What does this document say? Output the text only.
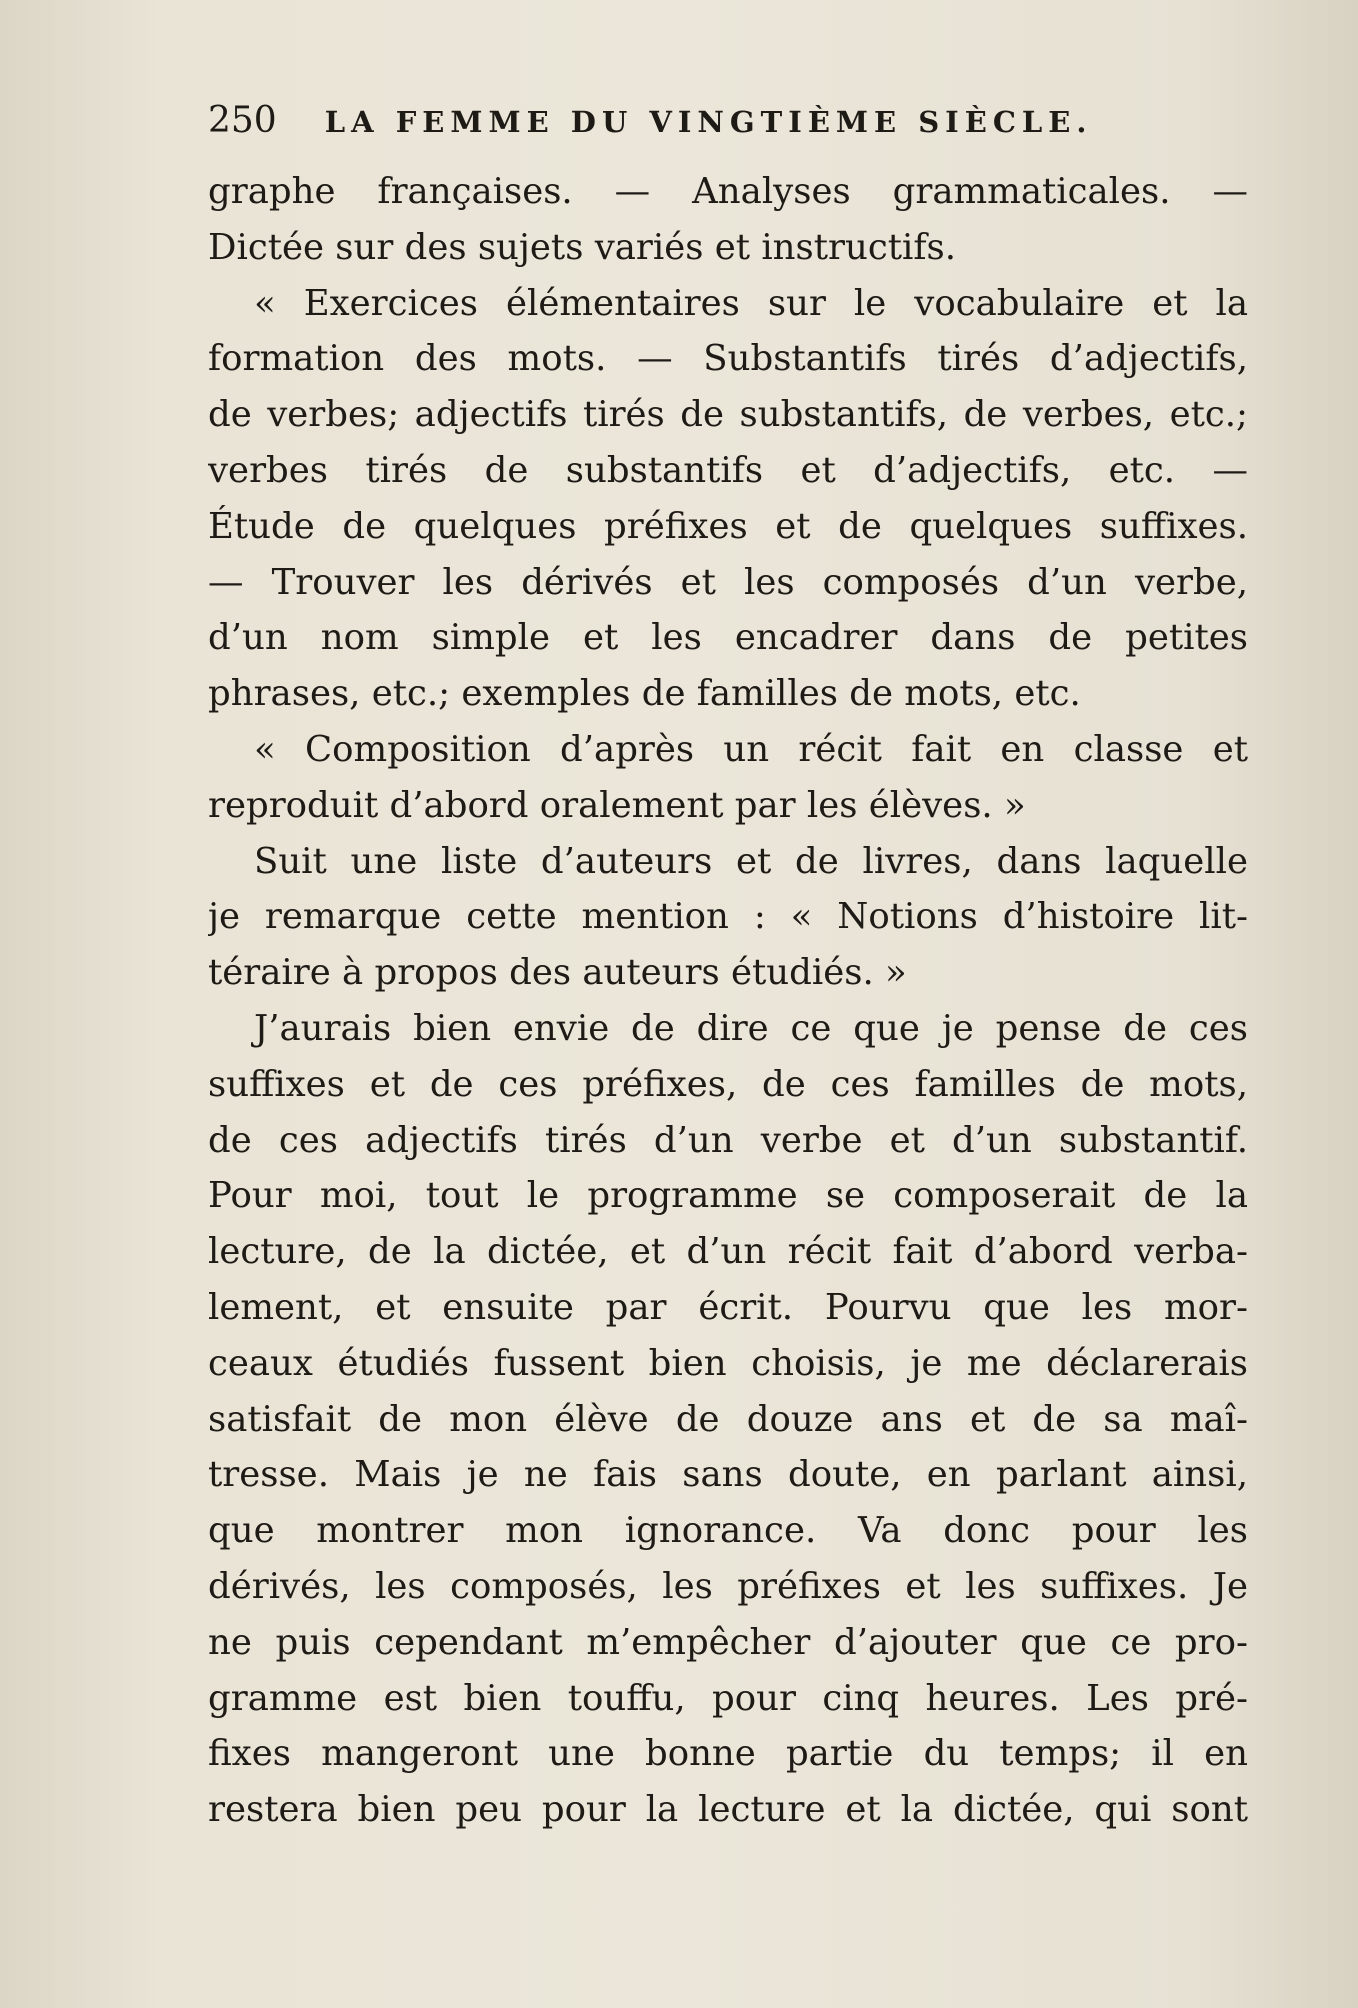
250 LA FEMME DU VINGTIÈME SIÈCLE.
graphe françaises. — Analyses grammaticales. —
Dictée sur des sujets variés et instructifs.
« Exercices élémentaires sur le vocabulaire et la
formation des mots. — Substantifs tirés d’adjectifs,
de verbes; adjectifs tirés de substantifs, de verbes, etc.;
verbes tirés de substantifs et d’adjectifs, etc. —
Étude de quelques préfixes et de quelques suffixes.
— Trouver les dérivés et les composés d’un verbe,
d’un nom simple et les encadrer dans de petites
phrases, etc.; exemples de familles de mots, etc.
« Composition d’après un récit fait en classe et
reproduit d’abord oralement par les élèves. »
Suit une liste d’auteurs et de livres, dans laquelle
je remarque cette mention : « Notions d’histoire lit-
téraire à propos des auteurs étudiés. »
J’aurais bien envie de dire ce que je pense de ces
suffixes et de ces préfixes, de ces familles de mots,
de ces adjectifs tirés d’un verbe et d’un substantif.
Pour moi, tout le programme se composerait de la
lecture, de la dictée, et d’un récit fait d’abord verba-
lement, et ensuite par écrit. Pourvu que les mor-
ceaux étudiés fussent bien choisis, je me déclarerais
satisfait de mon élève de douze ans et de sa maî-
tresse. Mais je ne fais sans doute, en parlant ainsi,
que montrer mon ignorance. Va donc pour les
dérivés, les composés, les préfixes et les suffixes. Je
ne puis cependant m’empêcher d’ajouter que ce pro-
gramme est bien touffu, pour cinq heures. Les pré-
fixes mangeront une bonne partie du temps; il en
restera bien peu pour la lecture et la dictée, qui sont
